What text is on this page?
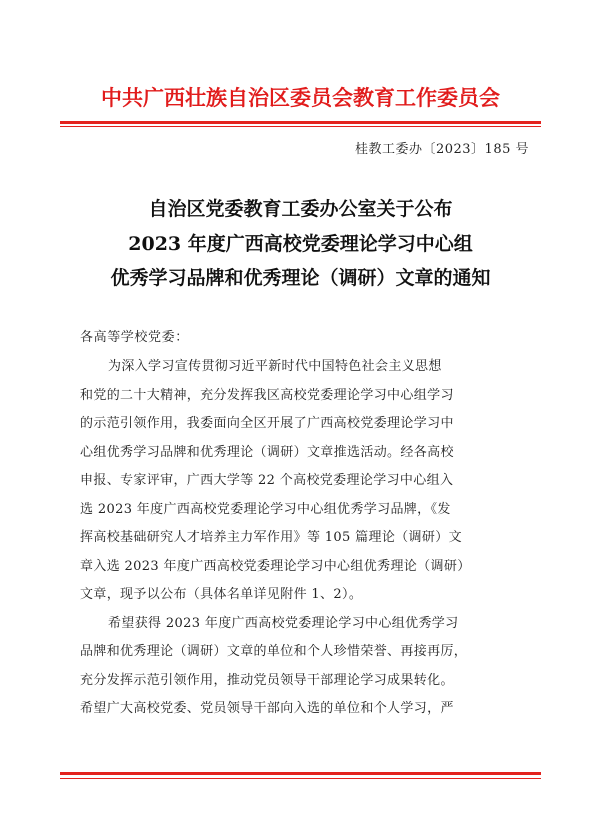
中共广西壮族自治区委员会教育工作委员会
桂教工委办〔2023〕185 号
自治区党委教育工委办公室关于公布
2023 年度广西高校党委理论学习中心组
优秀学习品牌和优秀理论（调研）文章的通知
各高等学校党委：
为深入学习宣传贯彻习近平新时代中国特色社会主义思想
和党的二十大精神，充分发挥我区高校党委理论学习中心组学习
的示范引领作用，我委面向全区开展了广西高校党委理论学习中
心组优秀学习品牌和优秀理论（调研）文章推选活动。经各高校
申报、专家评审，广西大学等 22 个高校党委理论学习中心组入
选 2023 年度广西高校党委理论学习中心组优秀学习品牌，《发
挥高校基础研究人才培养主力军作用》等 105 篇理论（调研）文
章入选 2023 年度广西高校党委理论学习中心组优秀理论（调研）
文章，现予以公布（具体名单详见附件 1、2）。
希望获得 2023 年度广西高校党委理论学习中心组优秀学习
品牌和优秀理论（调研）文章的单位和个人珍惜荣誉、再接再厉，
充分发挥示范引领作用，推动党员领导干部理论学习成果转化。
希望广大高校党委、党员领导干部向入选的单位和个人学习，严
